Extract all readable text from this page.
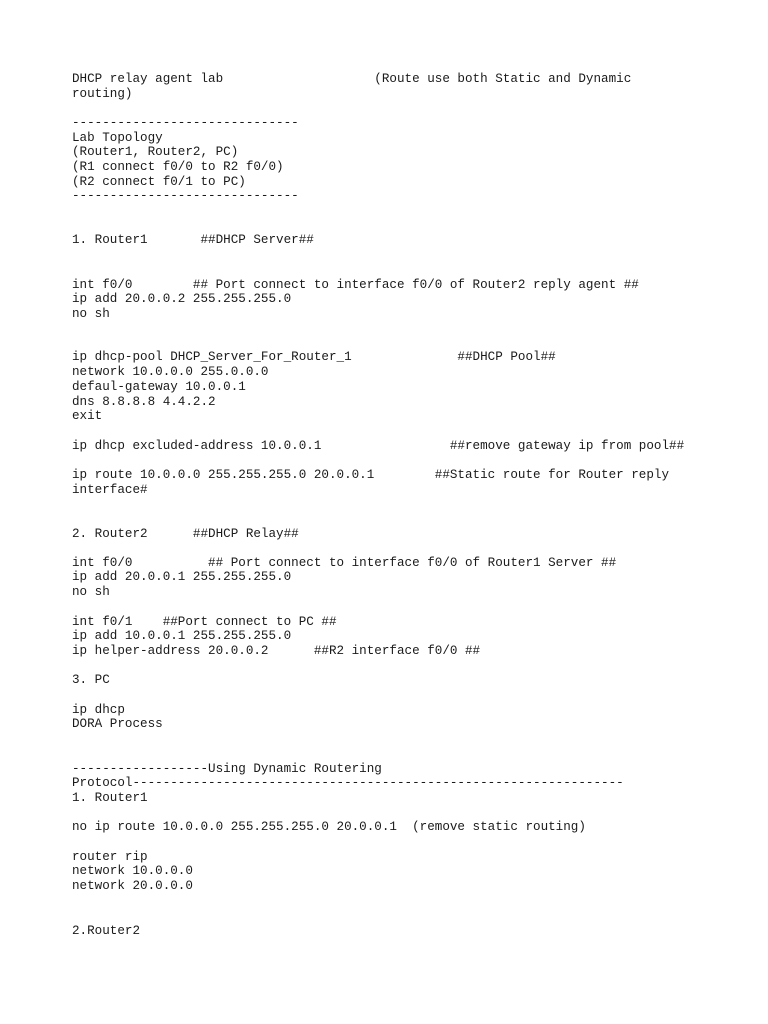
DHCP relay agent lab                    (Route use both Static and Dynamic

routing)

------------------------------

Lab Topology

(Router1, Router2, PC)

(R1 connect f0/0 to R2 f0/0)

(R2 connect f0/1 to PC)

------------------------------

1. Router1       ##DHCP Server##

int f0/0        ## Port connect to interface f0/0 of Router2 reply agent ##

ip add 20.0.0.2 255.255.255.0

no sh

ip dhcp-pool DHCP_Server_For_Router_1              ##DHCP Pool##

network 10.0.0.0 255.0.0.0

defaul-gateway 10.0.0.1

dns 8.8.8.8 4.4.2.2

exit

ip dhcp excluded-address 10.0.0.1                 ##remove gateway ip from pool##

ip route 10.0.0.0 255.255.255.0 20.0.0.1        ##Static route for Router reply

interface#

2. Router2      ##DHCP Relay##

int f0/0          ## Port connect to interface f0/0 of Router1 Server ##

ip add 20.0.0.1 255.255.255.0

no sh

int f0/1    ##Port connect to PC ##

ip add 10.0.0.1 255.255.255.0

ip helper-address 20.0.0.2      ##R2 interface f0/0 ##

3. PC

ip dhcp

DORA Process

------------------Using Dynamic Routering

Protocol-----------------------------------------------------------------

1. Router1

no ip route 10.0.0.0 255.255.255.0 20.0.0.1  (remove static routing)

router rip

network 10.0.0.0

network 20.0.0.0

2.Router2
